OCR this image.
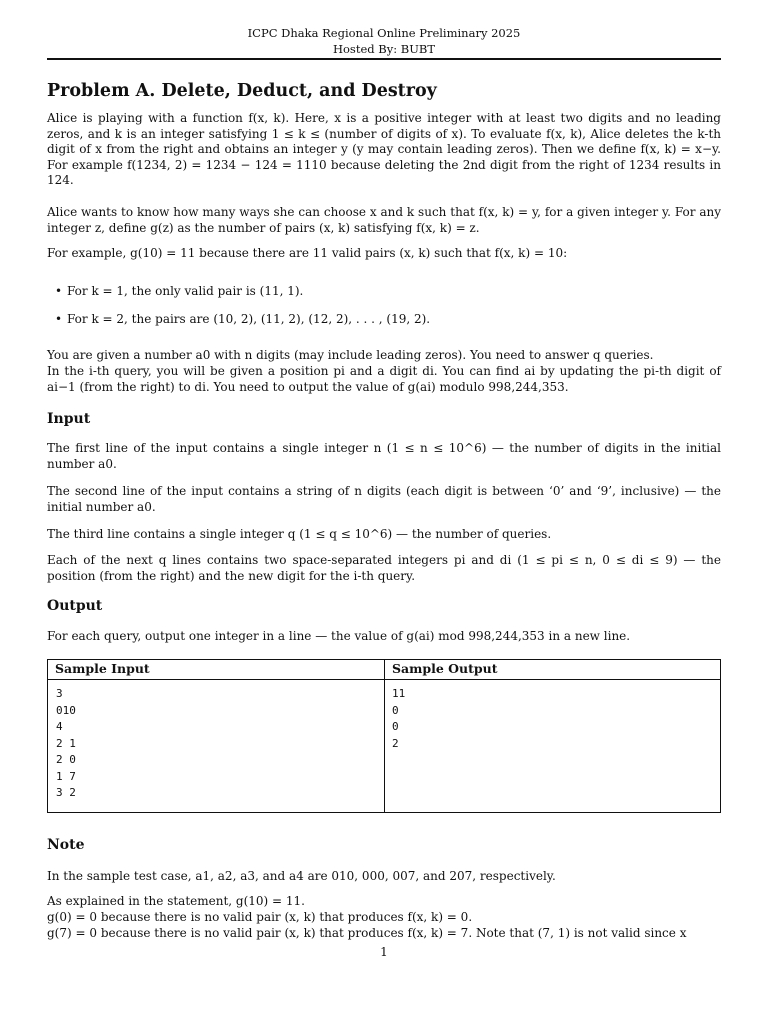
ICPC Dhaka Regional Online Preliminary 2025
Hosted By: BUBT
Problem A. Delete, Deduct, and Destroy

Alice is playing with a function f(x, k). Here, x is a positive integer with at least two digits and no leading zeros, and k is an integer satisfying 1 ≤ k ≤ (number of digits of x). To evaluate f(x, k), Alice deletes the k-th digit of x from the right and obtains an integer y (y may contain leading zeros). Then we define f(x, k) = x−y. For example f(1234, 2) = 1234 − 124 = 1110 because deleting the 2nd digit from the right of 1234 results in 124.

Alice wants to know how many ways she can choose x and k such that f(x, k) = y, for a given integer y. For any integer z, define g(z) as the number of pairs (x, k) satisfying f(x, k) = z.

For example, g(10) = 11 because there are 11 valid pairs (x, k) such that f(x, k) = 10:

• For k = 1, the only valid pair is (11, 1).
• For k = 2, the pairs are (10, 2), (11, 2), (12, 2), . . . , (19, 2).

You are given a number a0 with n digits (may include leading zeros). You need to answer q queries.

In the i-th query, you will be given a position pi and a digit di. You can find ai by updating the pi-th digit of ai−1 (from the right) to di. You need to output the value of g(ai) modulo 998,244,353.

Input

The first line of the input contains a single integer n (1 ≤ n ≤ 10^6) — the number of digits in the initial number a0.

The second line of the input contains a string of n digits (each digit is between ‘0’ and ‘9’, inclusive) — the initial number a0.

The third line contains a single integer q (1 ≤ q ≤ 10^6) — the number of queries.

Each of the next q lines contains two space-separated integers pi and di (1 ≤ pi ≤ n, 0 ≤ di ≤ 9) — the position (from the right) and the new digit for the i-th query.

Output

For each query, output one integer in a line — the value of g(ai) mod 998,244,353 in a new line.

Sample Input	Sample Output
3
010
4
2 1
2 0
1 7
3 2
11
0
0
2
Note

In the sample test case, a1, a2, a3, and a4 are 010, 000, 007, and 207, respectively.

As explained in the statement, g(10) = 11.

g(0) = 0 because there is no valid pair (x, k) that produces f(x, k) = 0.

g(7) = 0 because there is no valid pair (x, k) that produces f(x, k) = 7. Note that (7, 1) is not valid since x

1
